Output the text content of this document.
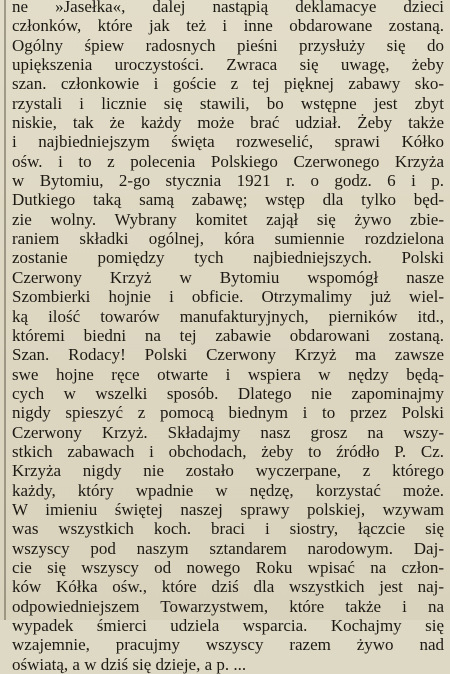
ne »Jasełka«, dalej nastąpią deklamacye dzieci
członków, które jak też i inne obdarowane zostaną.
Ogólny śpiew radosnych pieśni przysłuży się do
upiększenia uroczystości. Zwraca się uwagę, żeby
szan. członkowie i goście z tej pięknej zabawy sko-
rzystali i licznie się stawili, bo wstępne jest zbyt
niskie, tak że każdy może brać udział. Żeby także
i najbiedniejszym święta rozweselić, sprawi Kółko
ośw. i to z polecenia Polskiego Czerwonego Krzyża
w Bytomiu, 2-go stycznia 1921 r. o godz. 6 i p.
Dutkiego taką samą zabawę; wstęp dla tylko będ-
zie wolny. Wybrany komitet zajął się żywo zbie-
raniem składki ogólnej, kóra sumiennie rozdzielona
zostanie pomiędzy tych najbiedniejszych. Polski
Czerwony Krzyż w Bytomiu wspomógł nasze
Szombierki hojnie i obficie. Otrzymalimy już wiel-
ką ilość towarów manufakturyjnych, pierników itd.,
któremi biedni na tej zabawie obdarowani zostaną.
Szan. Rodacy! Polski Czerwony Krzyż ma zawsze
swe hojne ręce otwarte i wspiera w nędzy będą-
cych w wszelki sposób. Dlatego nie zapominajmy
nigdy spieszyć z pomocą biednym i to przez Polski
Czerwony Krzyż. Składajmy nasz grosz na wszy-
stkich zabawach i obchodach, żeby to źródło P. Cz.
Krzyża nigdy nie zostało wyczerpane, z którego
każdy, który wpadnie w nędzę, korzystać może.
W imieniu świętej naszej sprawy polskiej, wzywam
was wszystkich koch. braci i siostry, łączcie się
wszyscy pod naszym sztandarem narodowym. Daj-
cie się wszyscy od nowego Roku wpisać na człon-
ków Kółka ośw., które dziś dla wszystkich jest naj-
odpowiedniejszem Towarzystwem, które także i na
wypadek śmierci udziela wsparcia. Kochajmy się
wzajemnie, pracujmy wszyscy razem żywo nad
oświatą, a w dziś się dzieje, a p. ...
